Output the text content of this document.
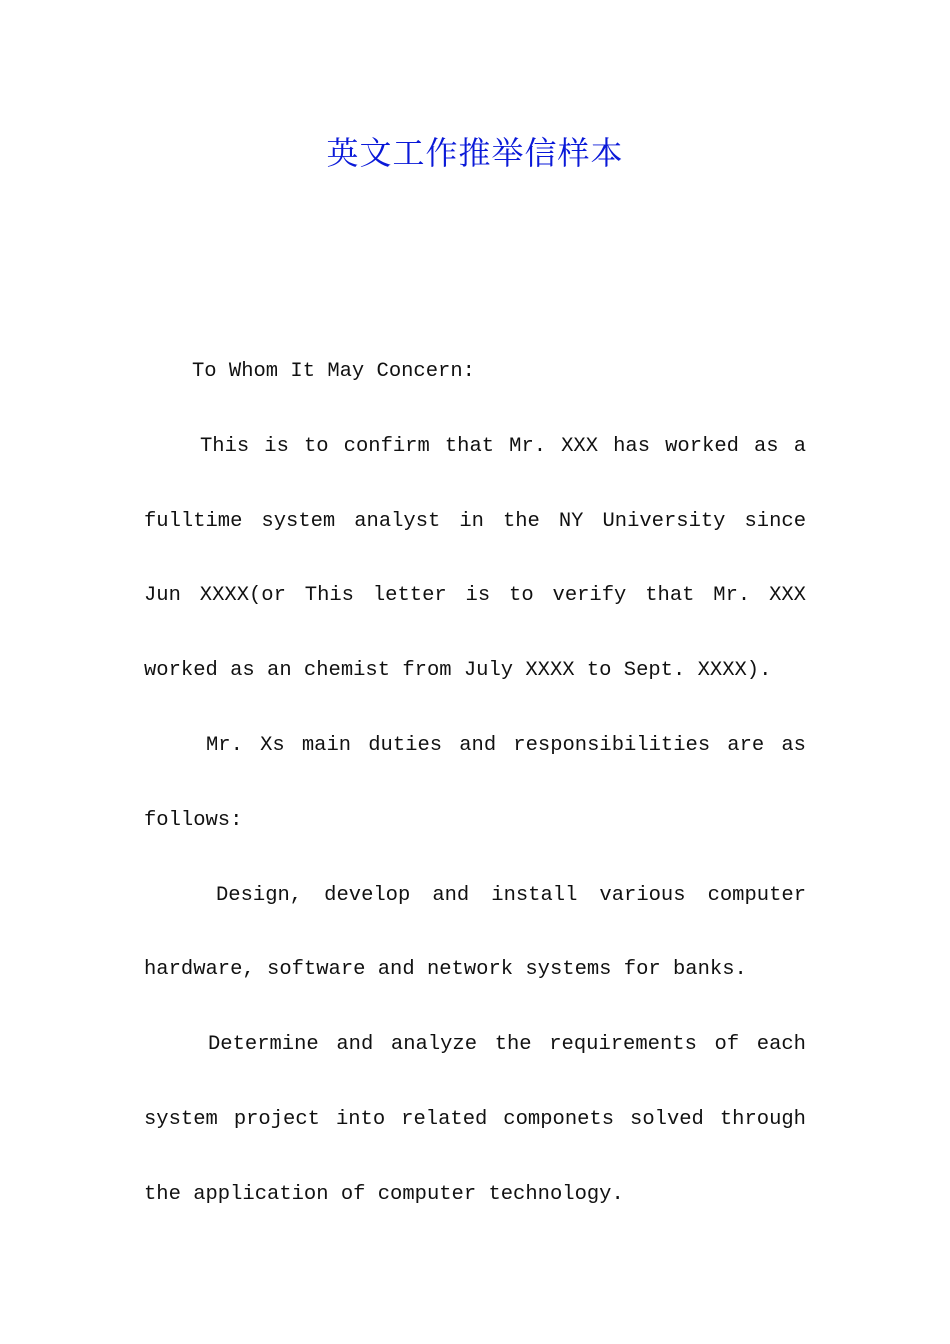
英文工作推举信样本

To Whom It May Concern:

This is to confirm that Mr. XXX has worked as a fulltime system analyst in the NY University since Jun XXXX(or This letter is to verify that Mr. XXX worked as an chemist from July XXXX to Sept. XXXX).

Mr. Xs main duties and responsibilities are as follows:

Design, develop and install various computer hardware, software and network systems for banks.

Determine and analyze the requirements of each system project into related componets solved through the application of computer technology.
